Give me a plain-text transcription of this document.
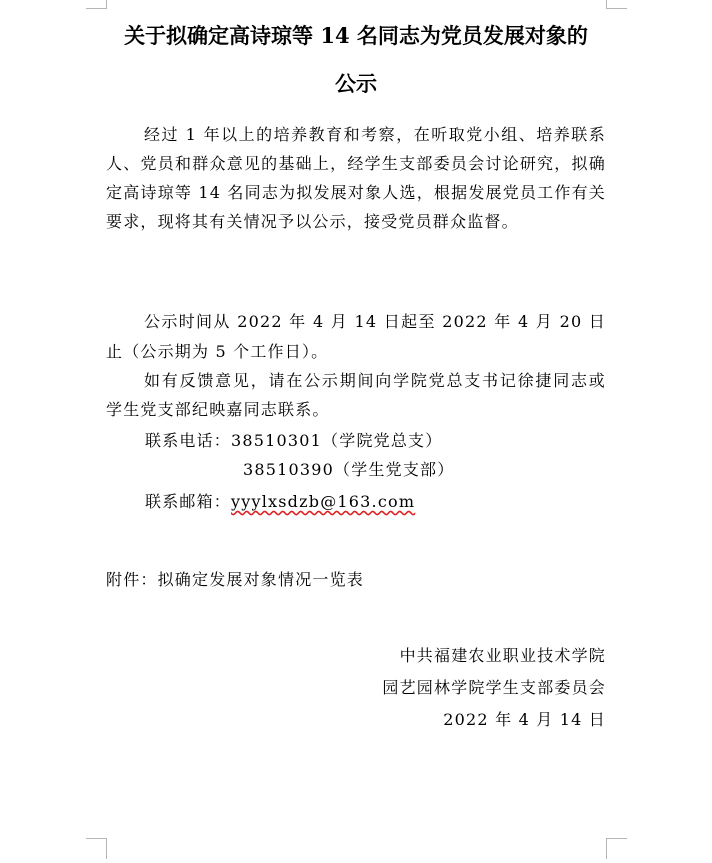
关于拟确定高诗琼等 14 名同志为党员发展对象的
公示

经过 1 年以上的培养教育和考察，在听取党小组、培养联系人、党员和群众意见的基础上，经学生支部委员会讨论研究，拟确定高诗琼等 14 名同志为拟发展对象人选，根据发展党员工作有关要求，现将其有关情况予以公示，接受党员群众监督。

公示时间从 2022 年 4 月 14 日起至 2022 年 4 月 20 日止（公示期为 5 个工作日）。

如有反馈意见，请在公示期间向学院党总支书记徐捷同志或学生党支部纪映嘉同志联系。

联系电话：38510301（学院党总支）
38510390（学生党支部）
联系邮箱：yyylxsdzb@163.com
附件：拟确定发展对象情况一览表
中共福建农业职业技术学院
园艺园林学院学生支部委员会
2022 年 4 月 14 日
